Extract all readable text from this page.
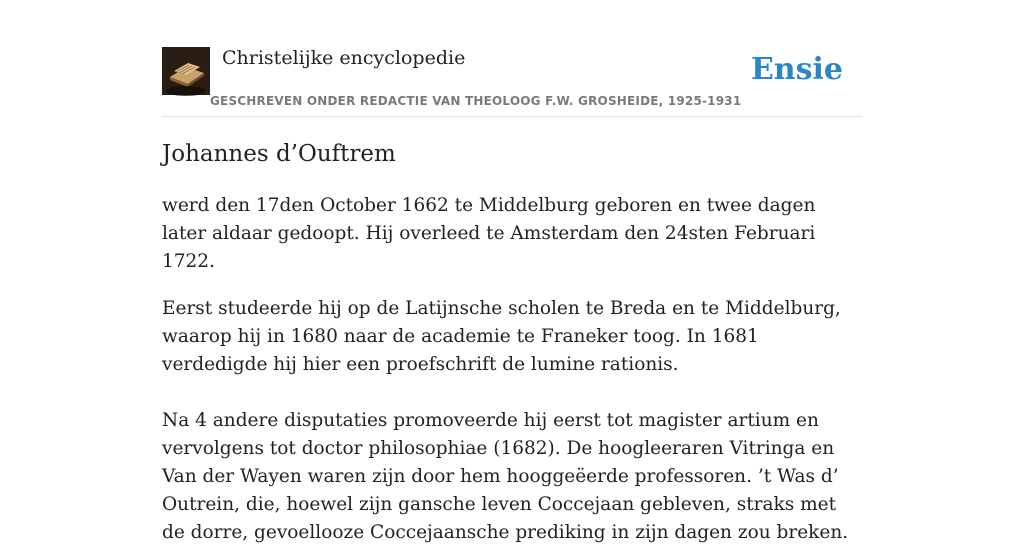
Christelijke encyclopedie
GESCHREVEN ONDER REDACTIE VAN THEOLOOG F.W. GROSHEIDE, 1925-1931
Ensie
Johannes d’Ouftrem

werd den 17den October 1662 te Middelburg geboren en twee dagen later aldaar gedoopt. Hij overleed te Amsterdam den 24sten Februari 1722.

Eerst studeerde hij op de Latijnsche scholen te Breda en te Middelburg, waarop hij in 1680 naar de academie te Franeker toog. In 1681 verdedigde hij hier een proefschrift de lumine rationis.

Na 4 andere disputaties promoveerde hij eerst tot magister artium en vervolgens tot doctor philosophiae (1682). De hoogleeraren Vitringa en Van der Wayen waren zijn door hem hooggeëerde professoren. ’t Was d’ Outrein, die, hoewel zijn gansche leven Coccejaan gebleven, straks met de dorre, gevoellooze Coccejaansche prediking in zijn dagen zou breken.
